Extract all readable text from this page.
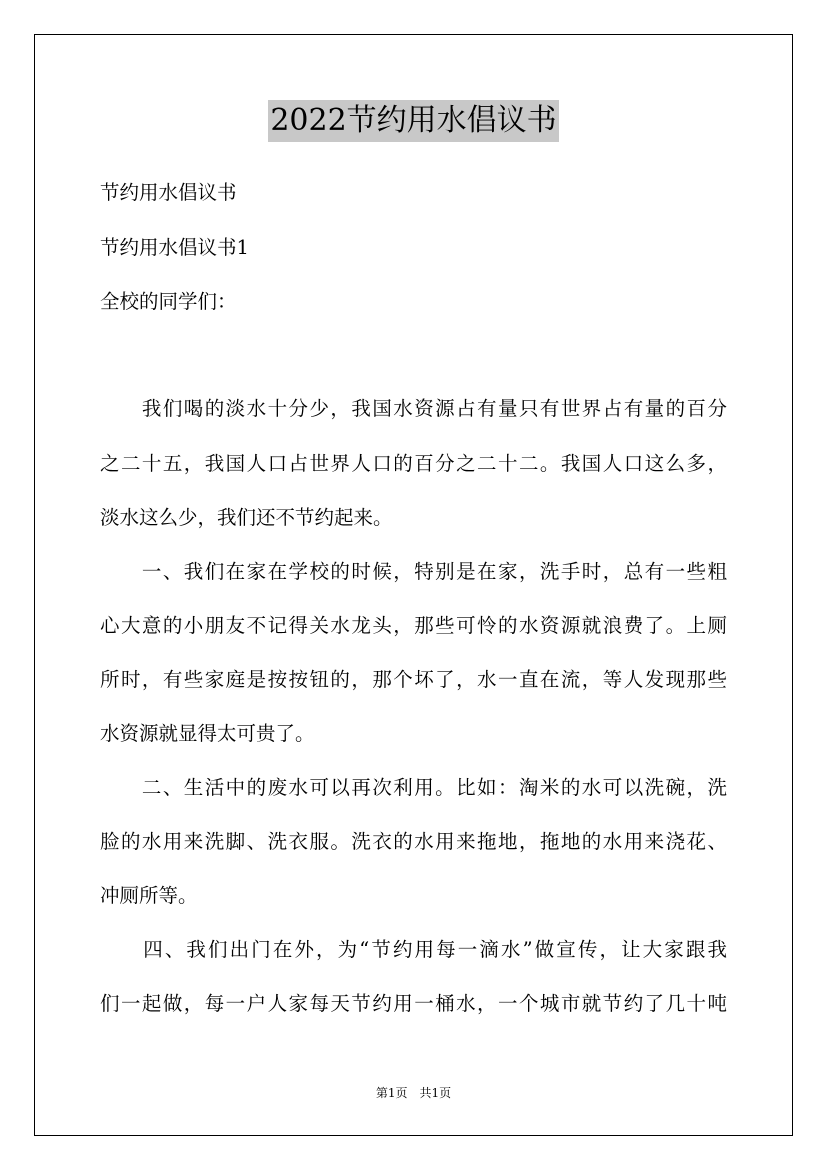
2022节约用水倡议书
节约用水倡议书
节约用水倡议书1
全校的同学们：
　　我们喝的淡水十分少，我国水资源占有量只有世界占有量的百分
之二十五，我国人口占世界人口的百分之二十二。我国人口这么多，
淡水这么少，我们还不节约起来。
　　一、我们在家在学校的时候，特别是在家，洗手时，总有一些粗
心大意的小朋友不记得关水龙头，那些可怜的水资源就浪费了。上厕
所时，有些家庭是按按钮的，那个坏了，水一直在流，等人发现那些
水资源就显得太可贵了。
　　二、生活中的废水可以再次利用。比如：淘米的水可以洗碗，洗
脸的水用来洗脚、洗衣服。洗衣的水用来拖地，拖地的水用来浇花、
冲厕所等。
　　四、我们出门在外，为“节约用每一滴水”做宣传，让大家跟我
们一起做，每一户人家每天节约用一桶水，一个城市就节约了几十吨
第1页　共1页
